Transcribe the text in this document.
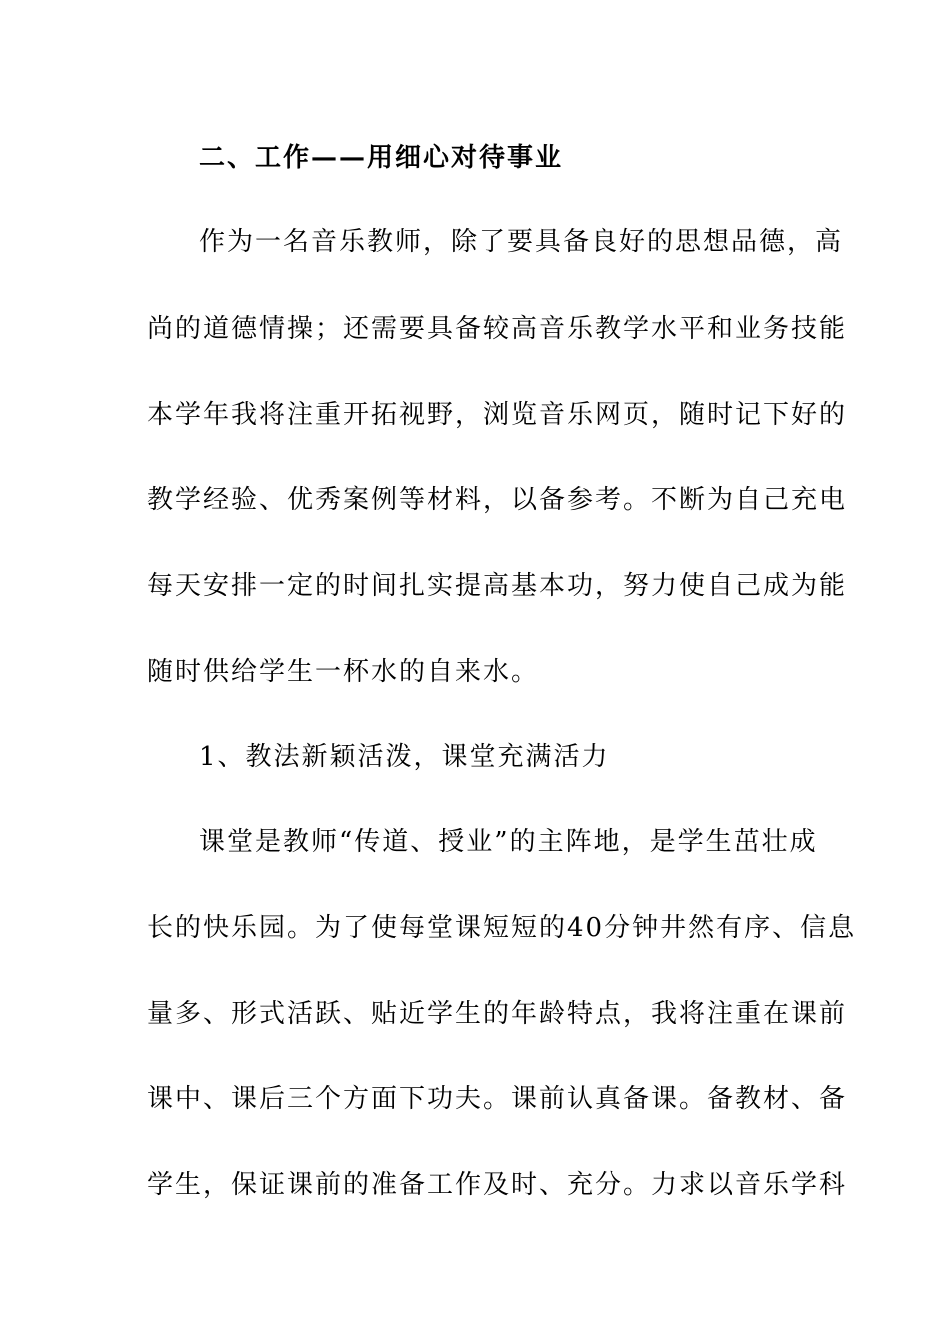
二、工作——用细心对待事业
作为一名音乐教师，除了要具备良好的思想品德，高
尚的道德情操；还需要具备较高音乐教学水平和业务技能
本学年我将注重开拓视野，浏览音乐网页，随时记下好的
教学经验、优秀案例等材料，以备参考。不断为自己充电
每天安排一定的时间扎实提高基本功，努力使自己成为能
随时供给学生一杯水的自来水。
1、教法新颖活泼，课堂充满活力
课堂是教师“传道、授业”的主阵地，是学生茁壮成
长的快乐园。为了使每堂课短短的40分钟井然有序、信息
量多、形式活跃、贴近学生的年龄特点，我将注重在课前
课中、课后三个方面下功夫。课前认真备课。备教材、备
学生，保证课前的准备工作及时、充分。力求以音乐学科
